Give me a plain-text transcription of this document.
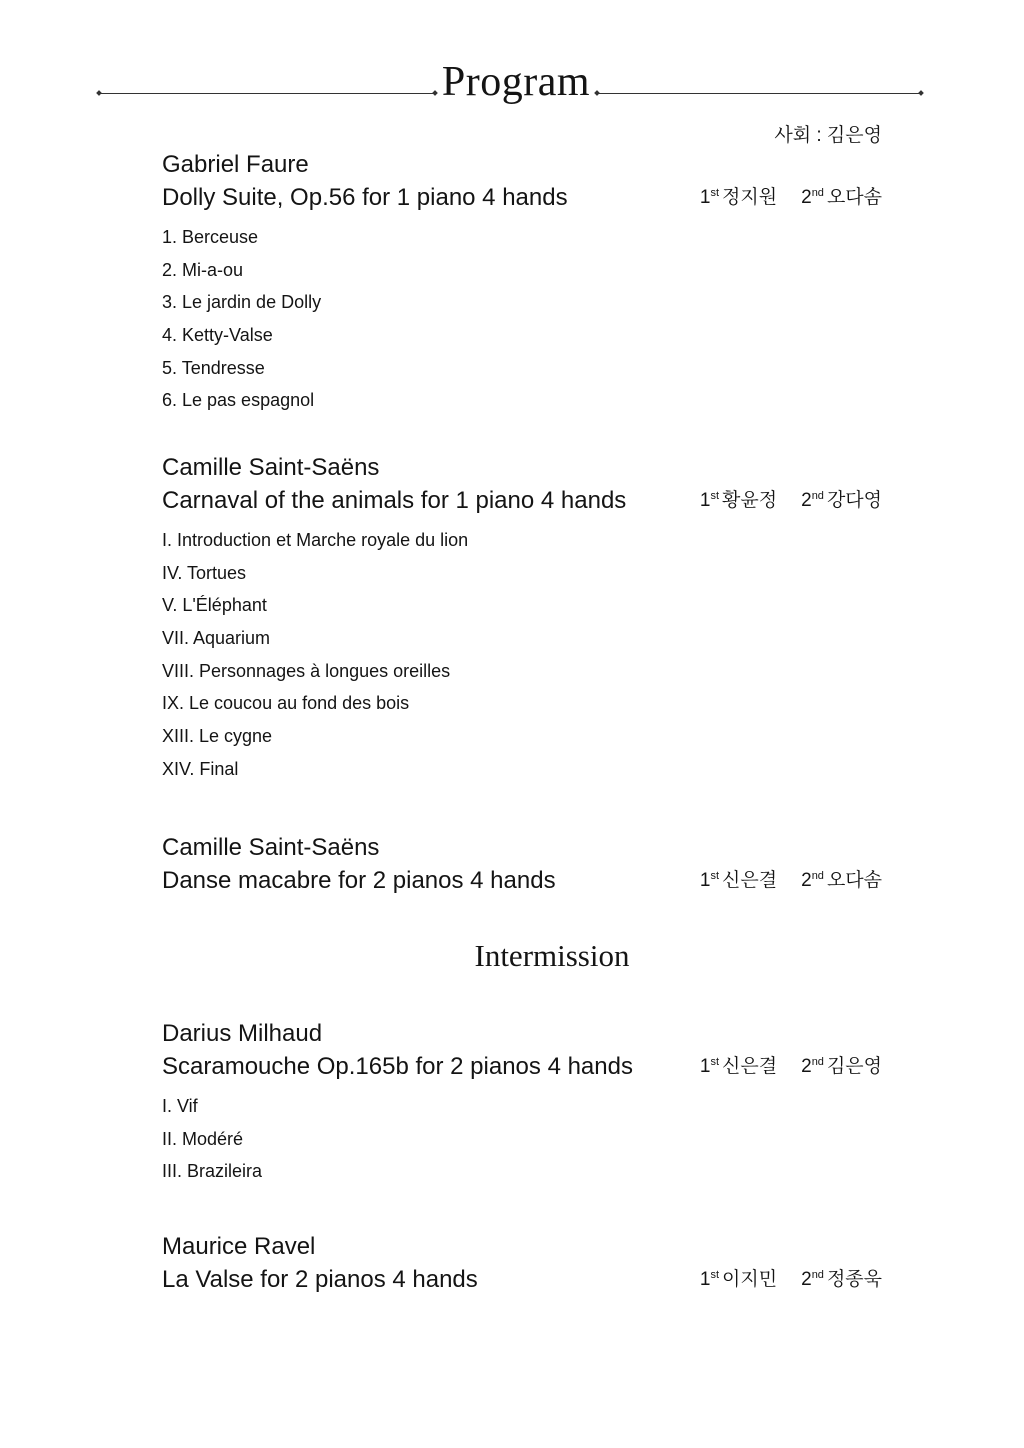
Program
사회 : 김은영
Intermission
Gabriel Faure
Dolly Suite, Op.56 for 1 piano 4 hands	1st 정지원 2nd 오다솜
1. Berceuse
2. Mi-a-ou
3. Le jardin de Dolly
4. Ketty-Valse
5. Tendresse
6. Le pas espagnol
Camille Saint-Saëns
Carnaval of the animals for 1 piano 4 hands	1st 황윤정 2nd 강다영
I. Introduction et Marche royale du lion
IV. Tortues
V. L'Éléphant
VII. Aquarium
VIII. Personnages à longues oreilles
IX. Le coucou au fond des bois
XIII. Le cygne
XIV. Final
Camille Saint-Saëns
Danse macabre for 2 pianos 4 hands	1st 신은결 2nd 오다솜
Darius Milhaud
Scaramouche Op.165b for 2 pianos 4 hands	1st 신은결 2nd 김은영
I. Vif
II. Modéré
III. Brazileira
Maurice Ravel
La Valse for 2 pianos 4 hands	1st 이지민 2nd 정종욱
